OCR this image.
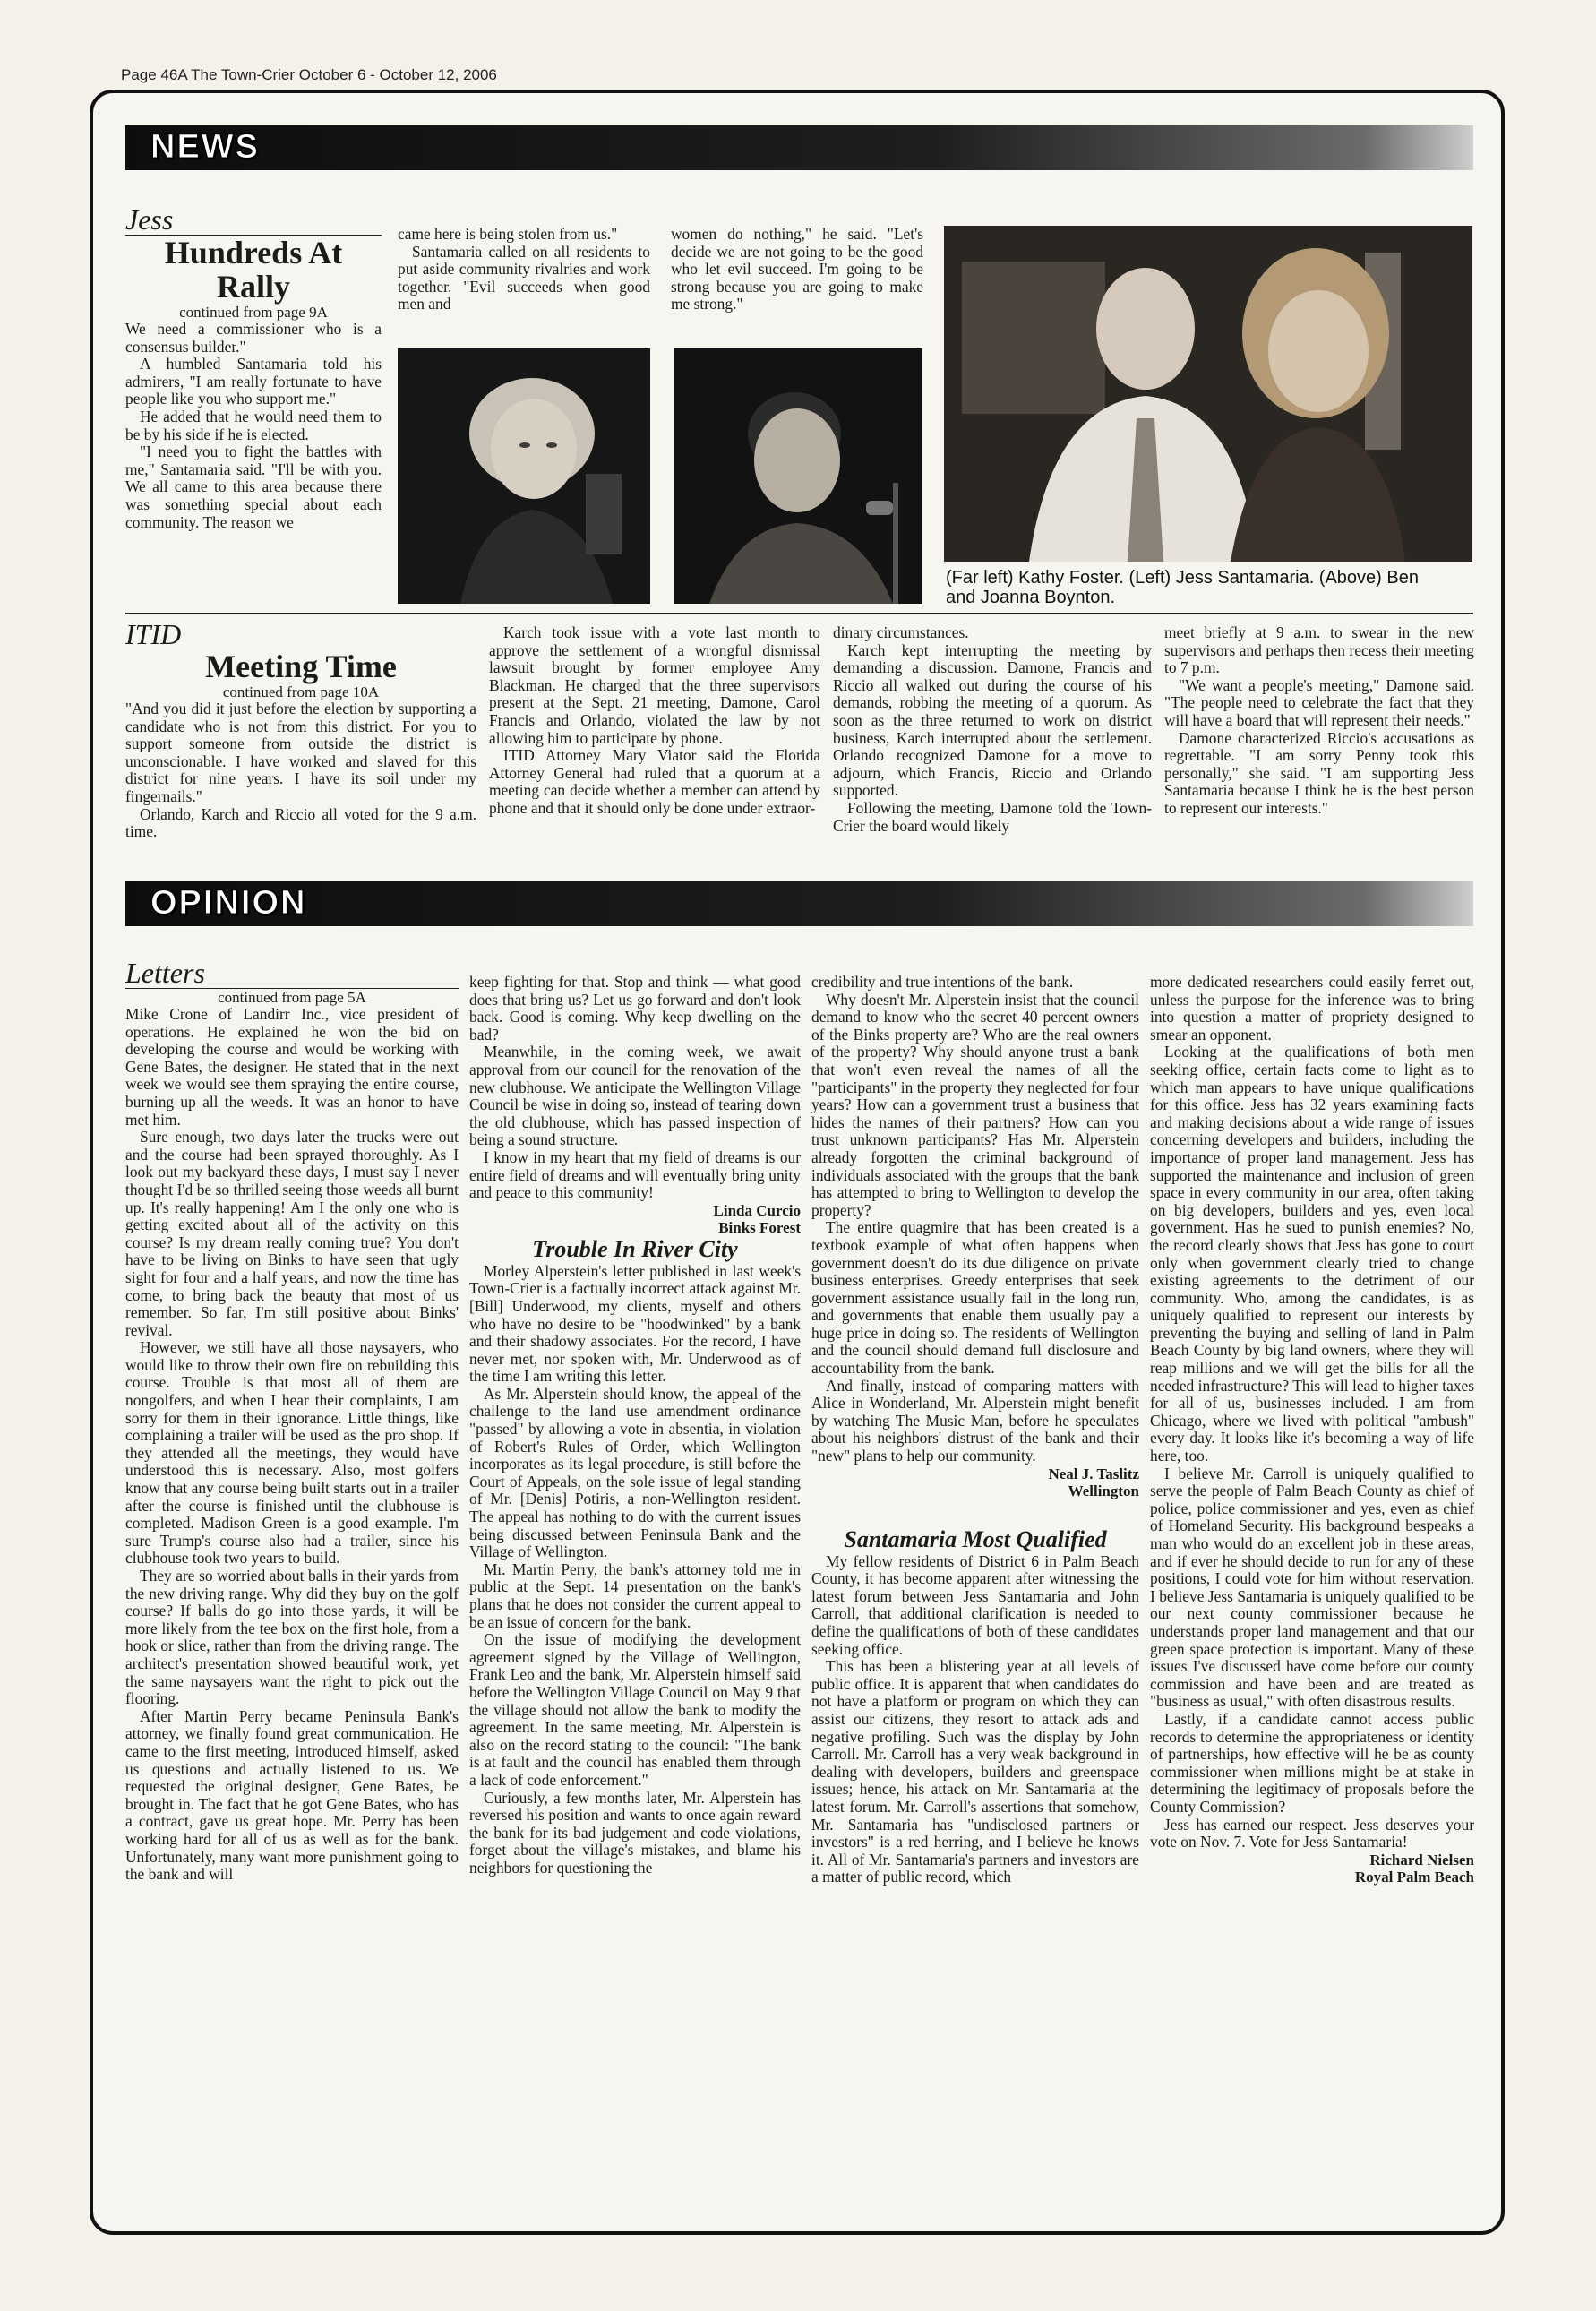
Page 46A The Town-Crier October 6 - October 12, 2006
NEWS

Jess

Hundreds At Rally

continued from page 9A

We need a commissioner who is a consensus builder."

A humbled Santamaria told his admirers, "I am really fortunate to have people like you who support me."

He added that he would need them to be by his side if he is elected.

"I need you to fight the battles with me," Santamaria said. "I'll be with you. We all came to this area because there was something special about each community. The reason we

came here is being stolen from us."

Santamaria called on all residents to put aside community rivalries and work together. "Evil succeeds when good men and

women do nothing," he said. "Let's decide we are not going to be the good who let evil succeed. I'm going to be strong because you are going to make me strong."

(Far left) Kathy Foster. (Left) Jess Santamaria. (Above) Ben and Joanna Boynton.

ITID

Meeting Time

continued from page 10A

"And you did it just before the election by supporting a candidate who is not from this district. For you to support someone from outside the district is unconscionable. I have worked and slaved for this district for nine years. I have its soil under my fingernails."

Orlando, Karch and Riccio all voted for the 9 a.m. time.

Karch took issue with a vote last month to approve the settlement of a wrongful dismissal lawsuit brought by former employee Amy Blackman. He charged that the three supervisors present at the Sept. 21 meeting, Damone, Carol Francis and Orlando, violated the law by not allowing him to participate by phone.

ITID Attorney Mary Viator said the Florida Attorney General had ruled that a quorum at a meeting can decide whether a member can attend by phone and that it should only be done under extraor-

dinary circumstances.

Karch kept interrupting the meeting by demanding a discussion. Damone, Francis and Riccio all walked out during the course of his demands, robbing the meeting of a quorum. As soon as the three returned to work on district business, Karch interrupted about the settlement. Orlando recognized Damone for a move to adjourn, which Francis, Riccio and Orlando supported.

Following the meeting, Damone told the Town-Crier the board would likely

meet briefly at 9 a.m. to swear in the new supervisors and perhaps then recess their meeting to 7 p.m.

"We want a people's meeting," Damone said. "The people need to celebrate the fact that they will have a board that will represent their needs."

Damone characterized Riccio's accusations as regrettable. "I am sorry Penny took this personally," she said. "I am supporting Jess Santamaria because I think he is the best person to represent our interests."

OPINION

Letters

continued from page 5A

Mike Crone of Landirr Inc., vice president of operations. He explained he won the bid on developing the course and would be working with Gene Bates, the designer. He stated that in the next week we would see them spraying the entire course, burning up all the weeds. It was an honor to have met him.

Sure enough, two days later the trucks were out and the course had been sprayed thoroughly. As I look out my backyard these days, I must say I never thought I'd be so thrilled seeing those weeds all burnt up. It's really happening! Am I the only one who is getting excited about all of the activity on this course? Is my dream really coming true? You don't have to be living on Binks to have seen that ugly sight for four and a half years, and now the time has come, to bring back the beauty that most of us remember. So far, I'm still positive about Binks' revival.

However, we still have all those naysayers, who would like to throw their own fire on rebuilding this course. Trouble is that most all of them are nongolfers, and when I hear their complaints, I am sorry for them in their ignorance. Little things, like complaining a trailer will be used as the pro shop. If they attended all the meetings, they would have understood this is necessary. Also, most golfers know that any course being built starts out in a trailer after the course is finished until the clubhouse is completed. Madison Green is a good example. I'm sure Trump's course also had a trailer, since his clubhouse took two years to build.

They are so worried about balls in their yards from the new driving range. Why did they buy on the golf course? If balls do go into those yards, it will be more likely from the tee box on the first hole, from a hook or slice, rather than from the driving range. The architect's presentation showed beautiful work, yet the same naysayers want the right to pick out the flooring.

After Martin Perry became Peninsula Bank's attorney, we finally found great communication. He came to the first meeting, introduced himself, asked us questions and actually listened to us. We requested the original designer, Gene Bates, be brought in. The fact that he got Gene Bates, who has a contract, gave us great hope. Mr. Perry has been working hard for all of us as well as for the bank. Unfortunately, many want more punishment going to the bank and will

keep fighting for that. Stop and think — what good does that bring us? Let us go forward and don't look back. Good is coming. Why keep dwelling on the bad?

Meanwhile, in the coming week, we await approval from our council for the renovation of the new clubhouse. We anticipate the Wellington Village Council be wise in doing so, instead of tearing down the old clubhouse, which has passed inspection of being a sound structure.

I know in my heart that my field of dreams is our entire field of dreams and will eventually bring unity and peace to this community!

Linda Curcio

Binks Forest

Trouble In River City

Morley Alperstein's letter published in last week's Town-Crier is a factually incorrect attack against Mr. [Bill] Underwood, my clients, myself and others who have no desire to be "hoodwinked" by a bank and their shadowy associates. For the record, I have never met, nor spoken with, Mr. Underwood as of the time I am writing this letter.

As Mr. Alperstein should know, the appeal of the challenge to the land use amendment ordinance "passed" by allowing a vote in absentia, in violation of Robert's Rules of Order, which Wellington incorporates as its legal procedure, is still before the Court of Appeals, on the sole issue of legal standing of Mr. [Denis] Potiris, a non-Wellington resident. The appeal has nothing to do with the current issues being discussed between Peninsula Bank and the Village of Wellington.

Mr. Martin Perry, the bank's attorney told me in public at the Sept. 14 presentation on the bank's plans that he does not consider the current appeal to be an issue of concern for the bank.

On the issue of modifying the development agreement signed by the Village of Wellington, Frank Leo and the bank, Mr. Alperstein himself said before the Wellington Village Council on May 9 that the village should not allow the bank to modify the agreement. In the same meeting, Mr. Alperstein is also on the record stating to the council: "The bank is at fault and the council has enabled them through a lack of code enforcement."

Curiously, a few months later, Mr. Alperstein has reversed his position and wants to once again reward the bank for its bad judgement and code violations, forget about the village's mistakes, and blame his neighbors for questioning the

credibility and true intentions of the bank.

Why doesn't Mr. Alperstein insist that the council demand to know who the secret 40 percent owners of the Binks property are? Who are the real owners of the property? Why should anyone trust a bank that won't even reveal the names of all the "participants" in the property they neglected for four years? How can a government trust a business that hides the names of their partners? How can you trust unknown participants? Has Mr. Alperstein already forgotten the criminal background of individuals associated with the groups that the bank has attempted to bring to Wellington to develop the property?

The entire quagmire that has been created is a textbook example of what often happens when government doesn't do its due diligence on private business enterprises. Greedy enterprises that seek government assistance usually fail in the long run, and governments that enable them usually pay a huge price in doing so. The residents of Wellington and the council should demand full disclosure and accountability from the bank.

And finally, instead of comparing matters with Alice in Wonderland, Mr. Alperstein might benefit by watching The Music Man, before he speculates about his neighbors' distrust of the bank and their "new" plans to help our community.

Neal J. Taslitz

Wellington

Santamaria Most Qualified

My fellow residents of District 6 in Palm Beach County, it has become apparent after witnessing the latest forum between Jess Santamaria and John Carroll, that additional clarification is needed to define the qualifications of both of these candidates seeking office.

This has been a blistering year at all levels of public office. It is apparent that when candidates do not have a platform or program on which they can assist our citizens, they resort to attack ads and negative profiling. Such was the display by John Carroll. Mr. Carroll has a very weak background in dealing with developers, builders and greenspace issues; hence, his attack on Mr. Santamaria at the latest forum. Mr. Carroll's assertions that somehow, Mr. Santamaria has "undisclosed partners or investors" is a red herring, and I believe he knows it. All of Mr. Santamaria's partners and investors are a matter of public record, which

more dedicated researchers could easily ferret out, unless the purpose for the inference was to bring into question a matter of propriety designed to smear an opponent.

Looking at the qualifications of both men seeking office, certain facts come to light as to which man appears to have unique qualifications for this office. Jess has 32 years examining facts and making decisions about a wide range of issues concerning developers and builders, including the importance of proper land management. Jess has supported the maintenance and inclusion of green space in every community in our area, often taking on big developers, builders and yes, even local government. Has he sued to punish enemies? No, the record clearly shows that Jess has gone to court only when government clearly tried to change existing agreements to the detriment of our community. Who, among the candidates, is as uniquely qualified to represent our interests by preventing the buying and selling of land in Palm Beach County by big land owners, where they will reap millions and we will get the bills for all the needed infrastructure? This will lead to higher taxes for all of us, businesses included. I am from Chicago, where we lived with political "ambush" every day. It looks like it's becoming a way of life here, too.

I believe Mr. Carroll is uniquely qualified to serve the people of Palm Beach County as chief of police, police commissioner and yes, even as chief of Homeland Security. His background bespeaks a man who would do an excellent job in these areas, and if ever he should decide to run for any of these positions, I could vote for him without reservation. I believe Jess Santamaria is uniquely qualified to be our next county commissioner because he understands proper land management and that our green space protection is important. Many of these issues I've discussed have come before our county commission and have been and are treated as "business as usual," with often disastrous results.

Lastly, if a candidate cannot access public records to determine the appropriateness or identity of partnerships, how effective will he be as county commissioner when millions might be at stake in determining the legitimacy of proposals before the County Commission?

Jess has earned our respect. Jess deserves your vote on Nov. 7. Vote for Jess Santamaria!

Richard Nielsen

Royal Palm Beach
